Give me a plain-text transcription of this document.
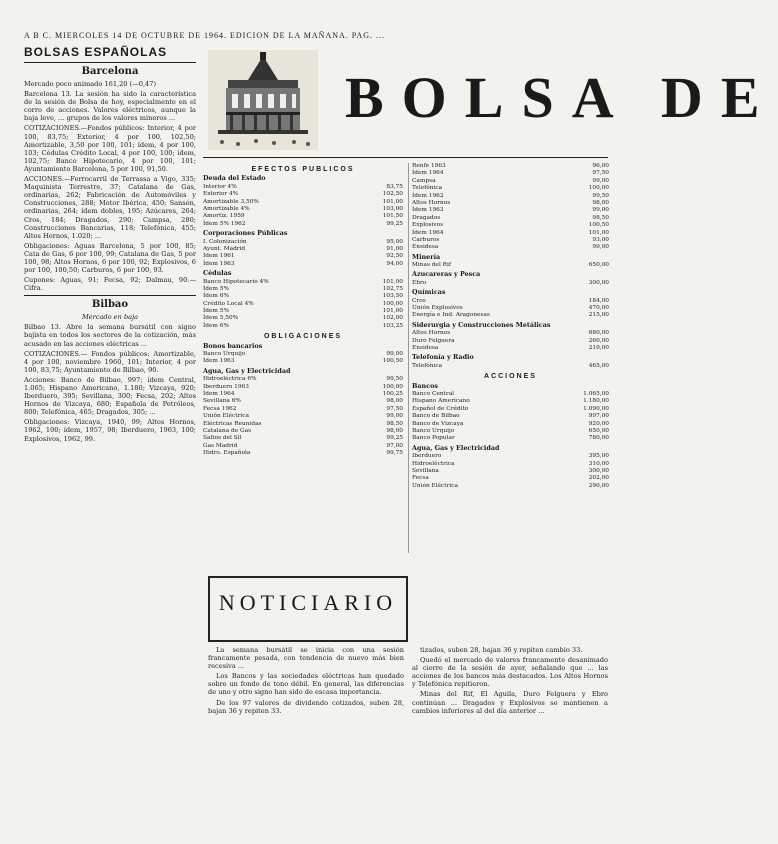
A B C. MIERCOLES 14 DE OCTUBRE DE 1964. EDICION DE LA MAÑANA. PAG. ...
BOLSAS ESPAÑOLAS
Barcelona

Mercado poco animado 161,20 (—0,47)

Barcelona 13. La sesión ha sido la característica de la sesión de Bolsa de hoy, especialmente en el corro de acciones. Valores eléctricos, aunque la baja leve, ... grupos de los valores mineros ...

COTIZACIONES.—Fondos públicos: Interior, 4 por 100, 83,75; Exterior, 4 por 100, 102,50; Amortizable, 3,50 por 100, 101; ídem, 4 por 100, 103; Cédulas Crédito Local, 4 por 100, 100; ídem, 102,75; Banco Hipotecario, 4 por 100, 101; Ayuntamiento Barcelona, 5 por 100, 91,50.

ACCIONES.—Ferrocarril de Terrassa a Vigo, 335; Maquinista Terrestre, 37; Catalana de Gas, ordinarias, 262; Fabricación de Automóviles y Construcciones, 288; Motor Ibérica, 450; Sansón, ordinarias, 264; ídem dobles, 195; Azúcares, 264; Cros, 184; Dragados, 290; Campsa, 280; Construcciones Bancarias, 118; Telefónica, 455; Altos Hornos, 1.020; ...

Obligaciones: Aguas Barcelona, 5 por 100, 85; Cata de Gas, 6 por 100, 99; Catalana de Gas, 5 por 100, 98; Altos Hornos, 6 por 100, 92; Explosivos, 6 por 100, 100,50; Carburos, 6 por 100, 93.

Cupones: Aguas, 91; Fecsa, 92; Dalmau, 90.—Cifra.

Bilbao
Mercado en baja

Bilbao 13. Abre la semana bursátil con signo bajista en todos los sectores de la cotización, más acusado en las acciones eléctricas ...

COTIZACIONES.— Fondos públicos: Amortizable, 4 por 100, noviembre 1960, 101; Interior, 4 por 100, 83,75; Ayuntamiento de Bilbao, 90.

Acciones: Banco de Bilbao, 997; ídem Central, 1.065; Hispano Americano, 1.180; Vizcaya, 920; Iberduero, 395; Sevillana, 300; Fecsa, 202; Altos Hornos de Vizcaya, 680; Española de Petróleos, 800; Telefónica, 465; Dragados, 305; ...

Obligaciones: Vizcaya, 1940, 99; Altos Hornos, 1962, 100; ídem, 1957, 98; Iberduero, 1963, 100; Explosivos, 1962, 99.

BOLSA DE
EFECTOS PUBLICOS
Deuda del Estado
Interior 4%	83,75
Exterior 4%	102,50
Amortizable 3,50%	101,00
Amortizable 4%	103,00
Amortiz. 1959	101,50
Ídem 5% 1962	99,25
Corporaciones Públicas
I. Colonización	95,00
Ayunt. Madrid	91,00
Ídem 1961	92,50
Ídem 1963	94,00
Cédulas
Banco Hipotecario 4%	101,00
Ídem 5%	102,75
Ídem 6%	103,50
Crédito Local 4%	100,00
Ídem 5%	101,00
Ídem 5,50%	102,00
Ídem 6%	103,25
OBLIGACIONES
Bonos bancarios
Banco Urquijo	99,00
Ídem 1963	100,50
Agua, Gas y Electricidad
Hidroeléctrica 6%	99,50
Iberduero 1963	100,00
Ídem 1964	100,25
Sevillana 6%	98,00
Fecsa 1962	97,50
Unión Eléctrica	99,00
Eléctricas Reunidas	98,50
Catalana de Gas	98,00
Saltos del Sil	99,25
Gas Madrid	97,00
Hidro. Española	99,75
Renfe 1963	96,00
Ídem 1964	97,50
Campsa	99,00
Telefónica	100,00
Ídem 1962	99,50
Altos Hornos	98,00
Ídem 1963	99,00
Dragados	98,50
Explosivos	100,50
Ídem 1964	101,00
Carburos	93,00
Ensidesa	99,00
Minería
Minas del Rif	650,00
Azucareras y Pesca
Ebro	300,00
Químicas
Cros	184,00
Unión Explosivos	470,00
Energía e Ind. Aragonesas	215,00
Siderurgia y Construcciones Metálicas
Altos Hornos	680,00
Duro Felguera	260,00
Ensidesa	210,00
Telefonía y Radio
Telefónica	465,00
ACCIONES
Bancos
Banco Central	1.065,00
Hispano Americano	1.180,00
Español de Crédito	1.090,00
Banco de Bilbao	997,00
Banco de Vizcaya	920,00
Banco Urquijo	650,00
Banco Popular	780,00
Agua, Gas y Electricidad
Iberduero	395,00
Hidroeléctrica	310,00
Sevillana	300,00
Fecsa	202,00
Unión Eléctrica	290,00
NOTICIARIO

La semana bursátil se inicia con una sesión francamente pesada, con tendencia de nuevo más bien recesiva ...

Los Bancos y las sociedades eléctricas han quedado sobre un fondo de tono débil. En general, las diferencias de uno y otro signo han sido de escasa importancia.

De los 97 valores de dividendo cotizados, suben 28, bajan 36 y repiten 33.

tizados, suben 28, bajan 36 y repiten cambio 33.

Quedó el mercado de valores francamente desanimado al cierre de la sesión de ayer, señalando que ... las acciones de los bancos más destacados. Los Altos Hornos y Telefónica repitieron.

Minas del Rif, El Aguila, Duro Felguera y Ebro continúan ... Dragados y Explosivos se mantienen a cambios inferiores al del día anterior ...
